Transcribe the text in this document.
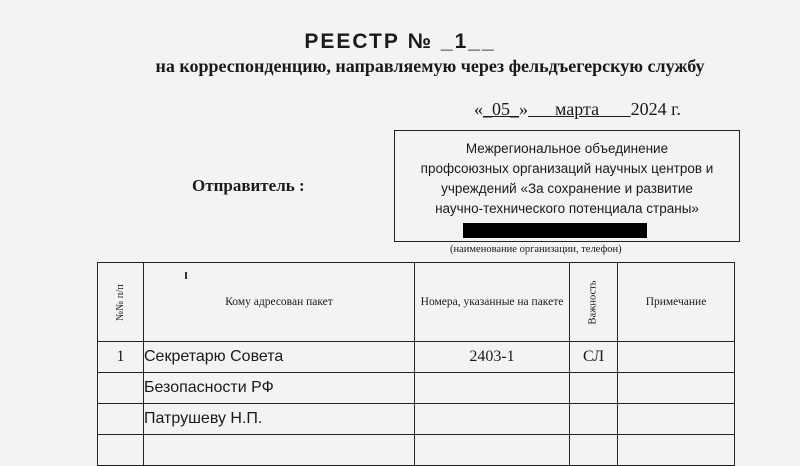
РЕЕСТР № _1__
на корреспонденцию, направляемую через фельдъегерскую службу
«_05_» марта 2024 г.
Отправитель :
Межрегиональное объединение
профсоюзных организаций научных центров и
учреждений «За сохранение и развитие
научно-технического потенциала страны»
(наименование организации, телефон)
№№ п/п	Кому адресован пакет	Номера, указанные на пакете	Важность	Примечание
1	Секретарю Совета	2403-1	СЛ	
	Безопасности РФ			
	Патрушеву Н.П.			
